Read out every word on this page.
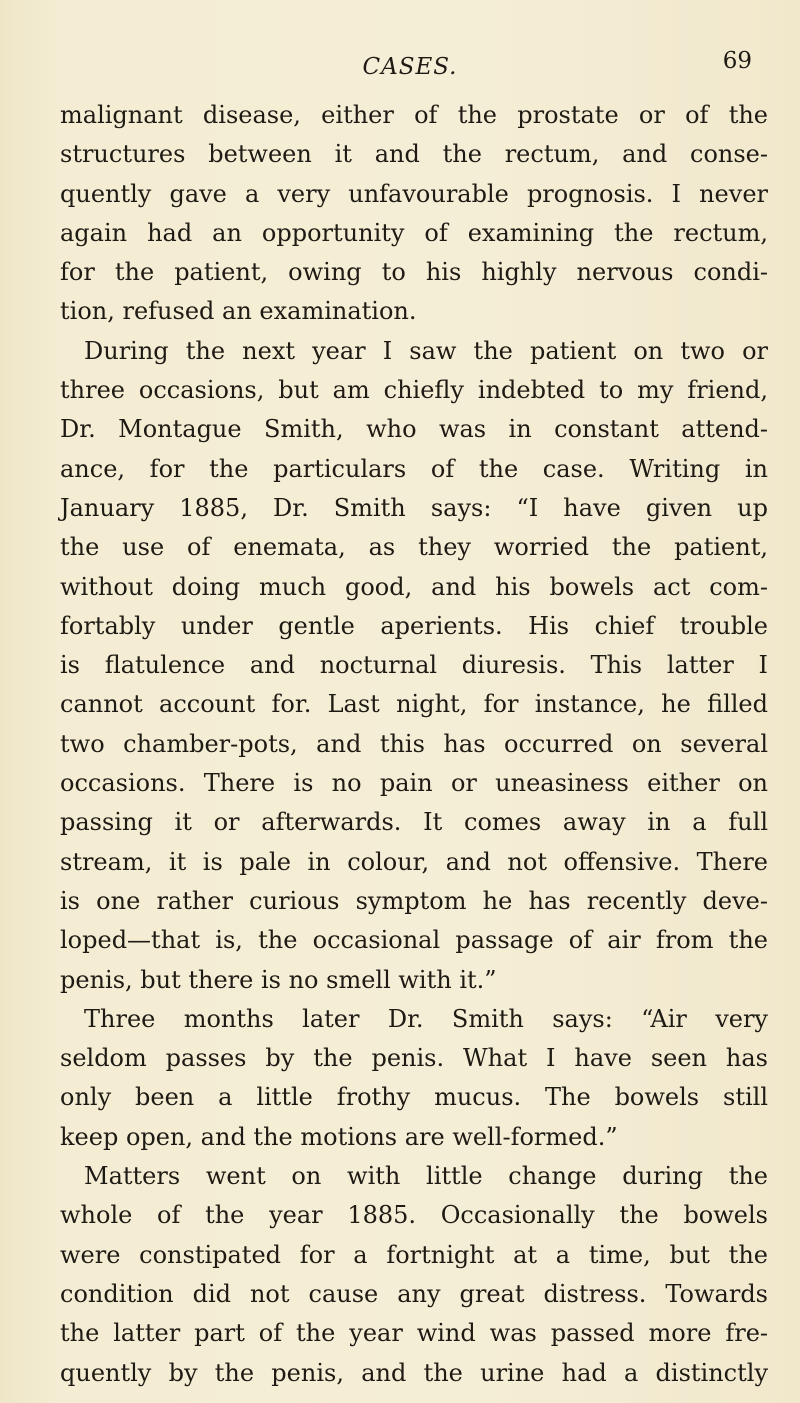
CASES.	69
malignant disease, either of the prostate or of the
structures between it and the rectum, and conse-
quently gave a very unfavourable prognosis. I never
again had an opportunity of examining the rectum,
for the patient, owing to his highly nervous condi-
tion, refused an examination.
During the next year I saw the patient on two or
three occasions, but am chiefly indebted to my friend,
Dr. Montague Smith, who was in constant attend-
ance, for the particulars of the case. Writing in
January 1885, Dr. Smith says: “I have given up
the use of enemata, as they worried the patient,
without doing much good, and his bowels act com-
fortably under gentle aperients. His chief trouble
is flatulence and nocturnal diuresis. This latter I
cannot account for. Last night, for instance, he filled
two chamber-pots, and this has occurred on several
occasions. There is no pain or uneasiness either on
passing it or afterwards. It comes away in a full
stream, it is pale in colour, and not offensive. There
is one rather curious symptom he has recently deve-
loped—that is, the occasional passage of air from the
penis, but there is no smell with it.”
Three months later Dr. Smith says: “Air very
seldom passes by the penis. What I have seen has
only been a little frothy mucus. The bowels still
keep open, and the motions are well-formed.”
Matters went on with little change during the
whole of the year 1885. Occasionally the bowels
were constipated for a fortnight at a time, but the
condition did not cause any great distress. Towards
the latter part of the year wind was passed more fre-
quently by the penis, and the urine had a distinctly
